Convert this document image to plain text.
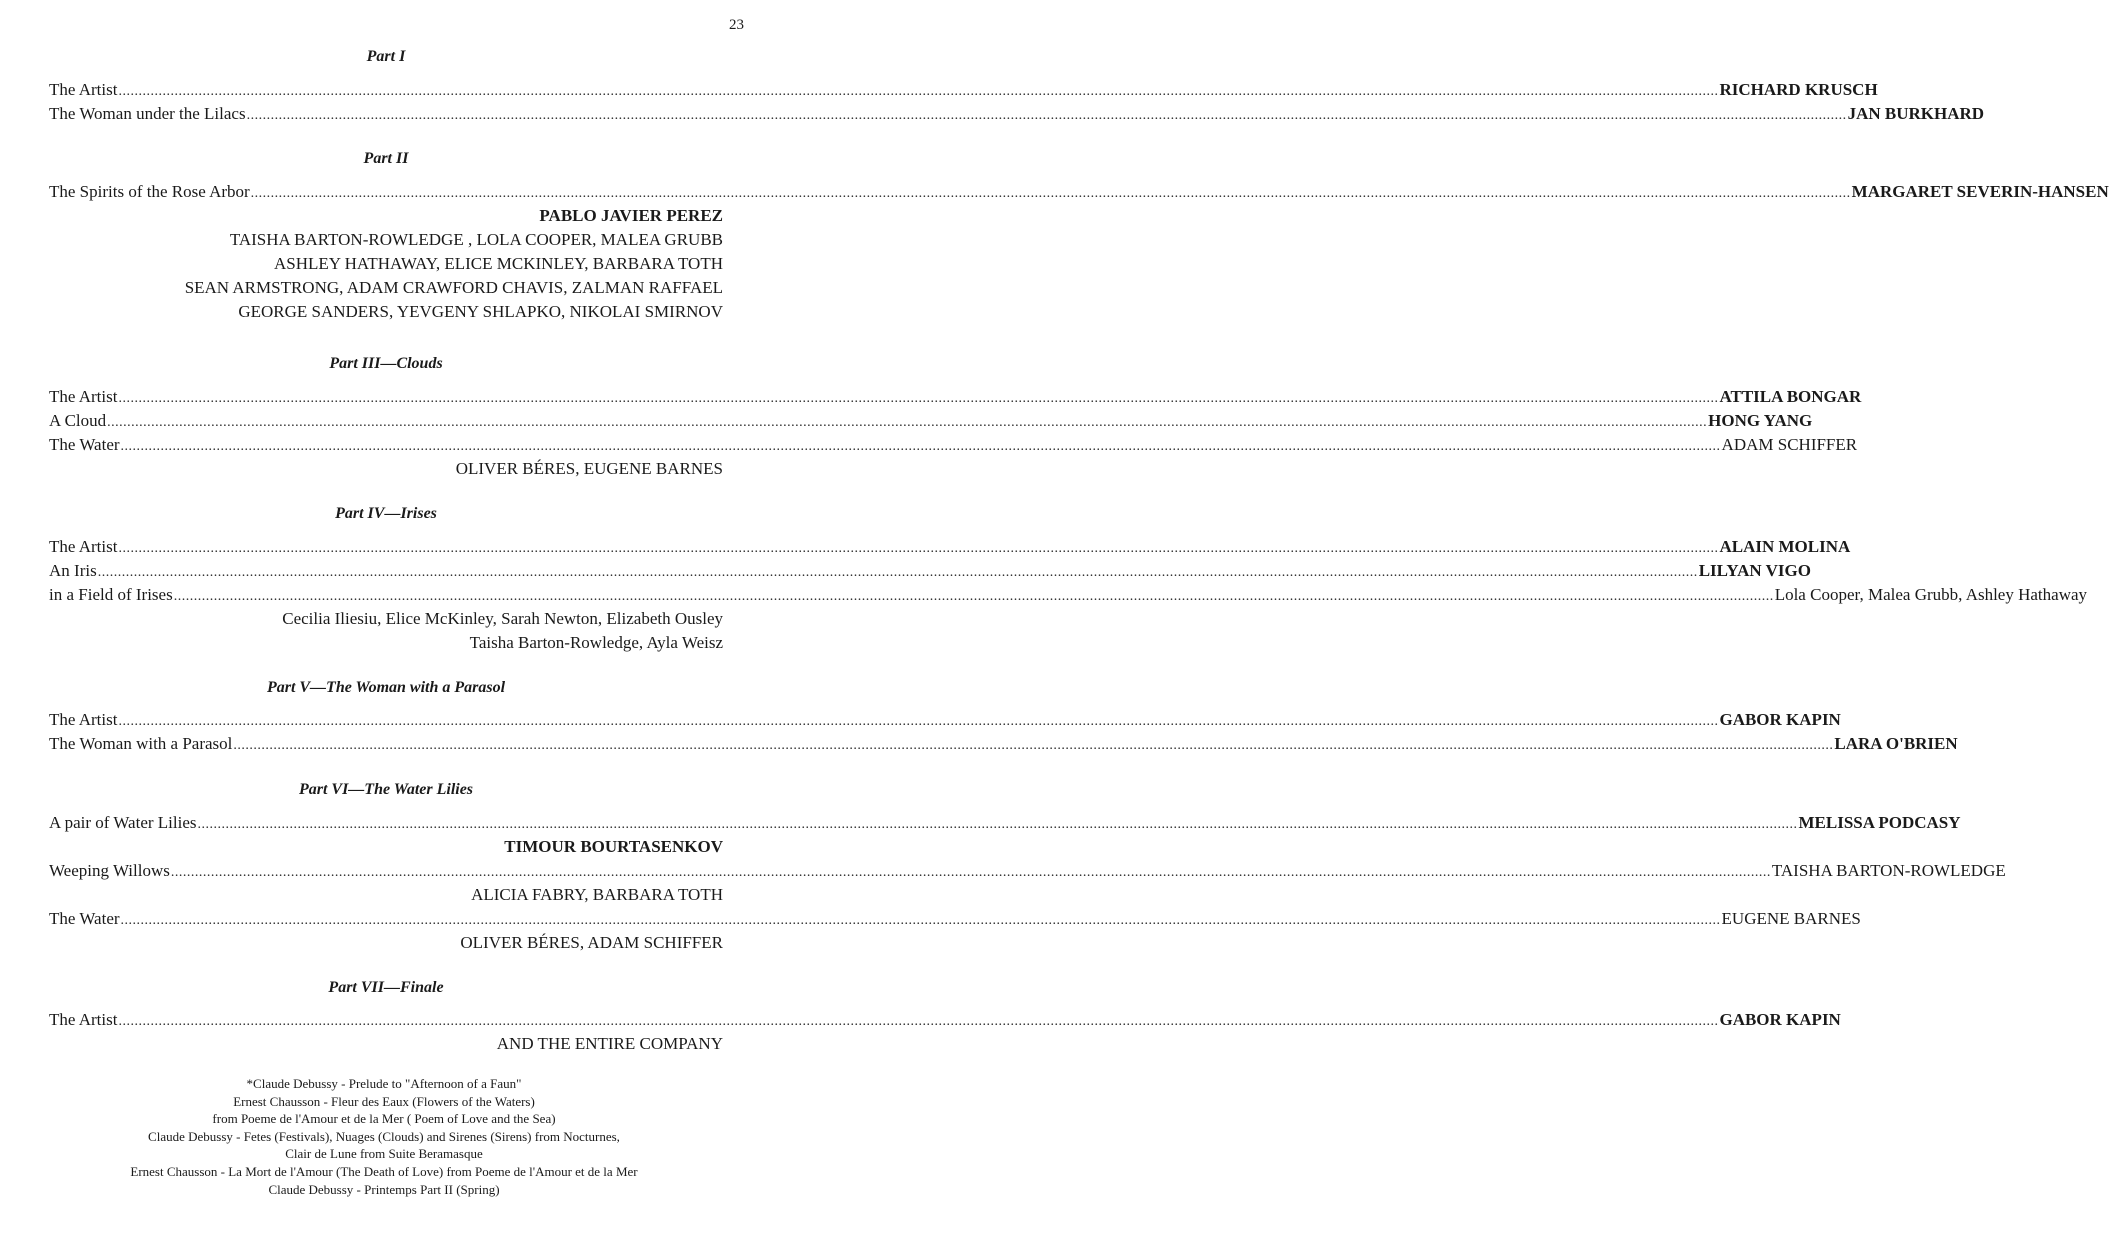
23
Part I
The Artist ................................................................................................................................................................................................................................................................................................................................................................................................................ RICHARD KRUSCH
The Woman under the Lilacs ................................................................................................................................................................................................................................................................................................................................................................................................................ JAN BURKHARD
Part II
The Spirits of the Rose Arbor ................................................................................................................................................................................................................................................................................................................................................................................................................ MARGARET SEVERIN-HANSEN
PABLO JAVIER PEREZ
TAISHA BARTON-ROWLEDGE , LOLA COOPER, MALEA GRUBB
ASHLEY HATHAWAY, ELICE MCKINLEY, BARBARA TOTH
SEAN ARMSTRONG, ADAM CRAWFORD CHAVIS, ZALMAN RAFFAEL
GEORGE SANDERS, YEVGENY SHLAPKO, NIKOLAI SMIRNOV
Part III—Clouds
The Artist ................................................................................................................................................................................................................................................................................................................................................................................................................ ATTILA BONGAR
A Cloud ................................................................................................................................................................................................................................................................................................................................................................................................................ HONG YANG
The Water ................................................................................................................................................................................................................................................................................................................................................................................................................ ADAM SCHIFFER
OLIVER BÉRES, EUGENE BARNES
Part IV—Irises
The Artist ................................................................................................................................................................................................................................................................................................................................................................................................................ ALAIN MOLINA
An Iris ................................................................................................................................................................................................................................................................................................................................................................................................................ LILYAN VIGO
in a Field of Irises ................................................................................................................................................................................................................................................................................................................................................................................................................ Lola Cooper, Malea Grubb, Ashley Hathaway
Cecilia Iliesiu, Elice McKinley, Sarah Newton, Elizabeth Ousley
Taisha Barton-Rowledge, Ayla Weisz
Part V—The Woman with a Parasol
The Artist ................................................................................................................................................................................................................................................................................................................................................................................................................ GABOR KAPIN
The Woman with a Parasol ................................................................................................................................................................................................................................................................................................................................................................................................................ LARA O'BRIEN
Part VI—The Water Lilies
A pair of Water Lilies ................................................................................................................................................................................................................................................................................................................................................................................................................ MELISSA PODCASY
TIMOUR BOURTASENKOV
Weeping Willows ................................................................................................................................................................................................................................................................................................................................................................................................................ TAISHA BARTON-ROWLEDGE
ALICIA FABRY, BARBARA TOTH
The Water ................................................................................................................................................................................................................................................................................................................................................................................................................ EUGENE BARNES
OLIVER BÉRES, ADAM SCHIFFER
Part VII—Finale
The Artist ................................................................................................................................................................................................................................................................................................................................................................................................................ GABOR KAPIN
AND THE ENTIRE COMPANY
*Claude Debussy - Prelude to "Afternoon of a Faun"
Ernest Chausson - Fleur des Eaux (Flowers of the Waters)
from Poeme de l'Amour et de la Mer ( Poem of Love and the Sea)
Claude Debussy - Fetes (Festivals), Nuages (Clouds) and Sirenes (Sirens) from Nocturnes,
Clair de Lune from Suite Beramasque
Ernest Chausson - La Mort de l'Amour (The Death of Love) from Poeme de l'Amour et de la Mer
Claude Debussy - Printemps Part II (Spring)
